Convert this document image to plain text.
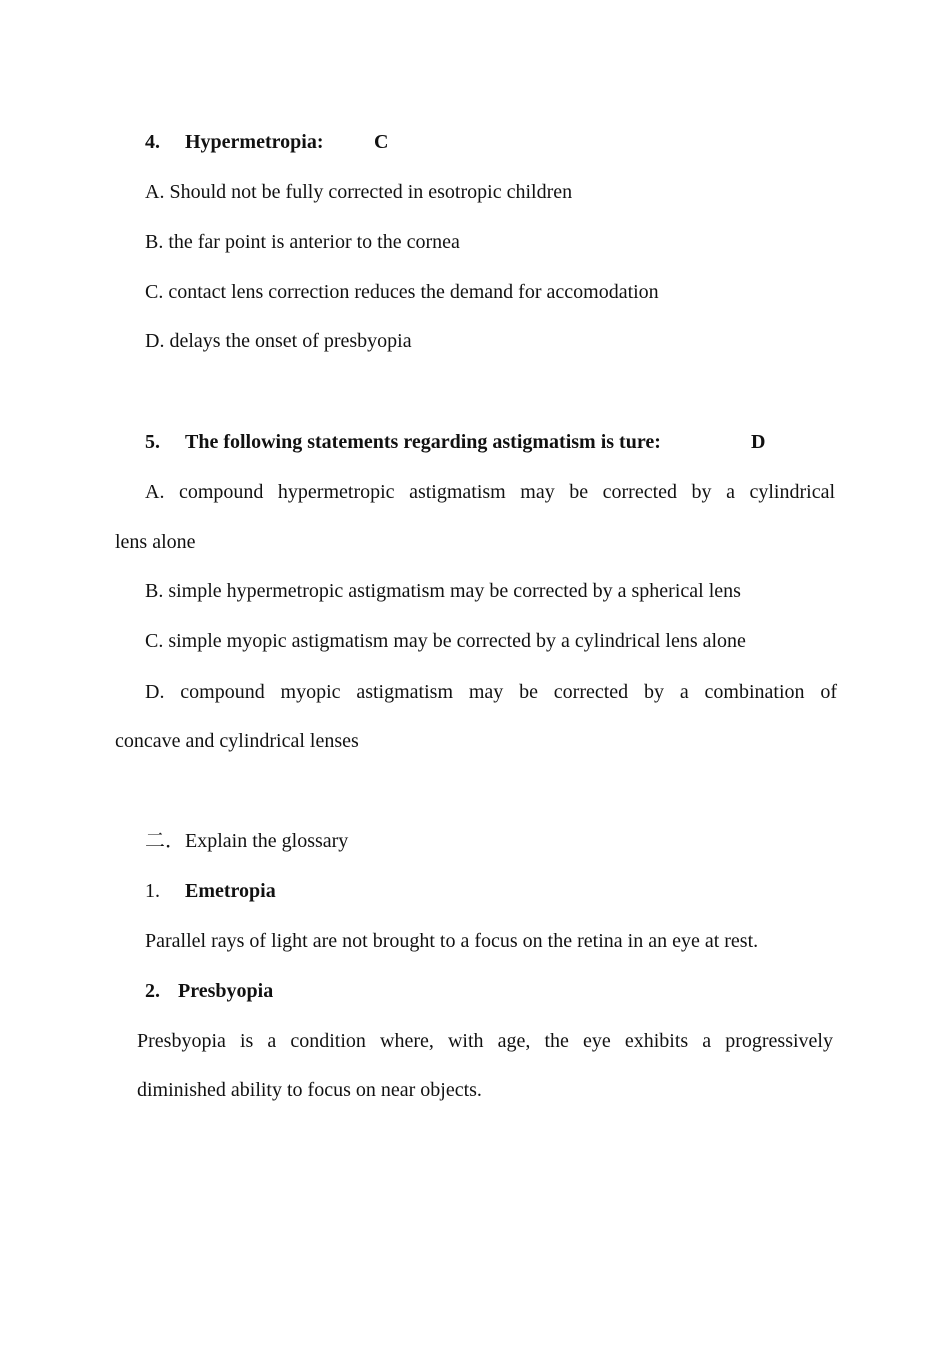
4. Hypermetropia:	C
A. Should not be fully corrected in esotropic children
B. the far point is anterior to the cornea
C. contact lens correction reduces the demand for accomodation
D. delays the onset of presbyopia
5. The following statements regarding astigmatism is ture:	D
A. compound hypermetropic astigmatism may be corrected by a cylindrical
lens alone
B. simple hypermetropic astigmatism may be corrected by a spherical lens
C. simple myopic astigmatism may be corrected by a cylindrical lens alone
D. compound myopic astigmatism may be corrected by a combination of
concave and cylindrical lenses
二．Explain the glossary
1. Emetropia
Parallel rays of light are not brought to a focus on the retina in an eye at rest.
2. Presbyopia
Presbyopia is a condition where, with age, the eye exhibits a progressively
diminished ability to focus on near objects.
